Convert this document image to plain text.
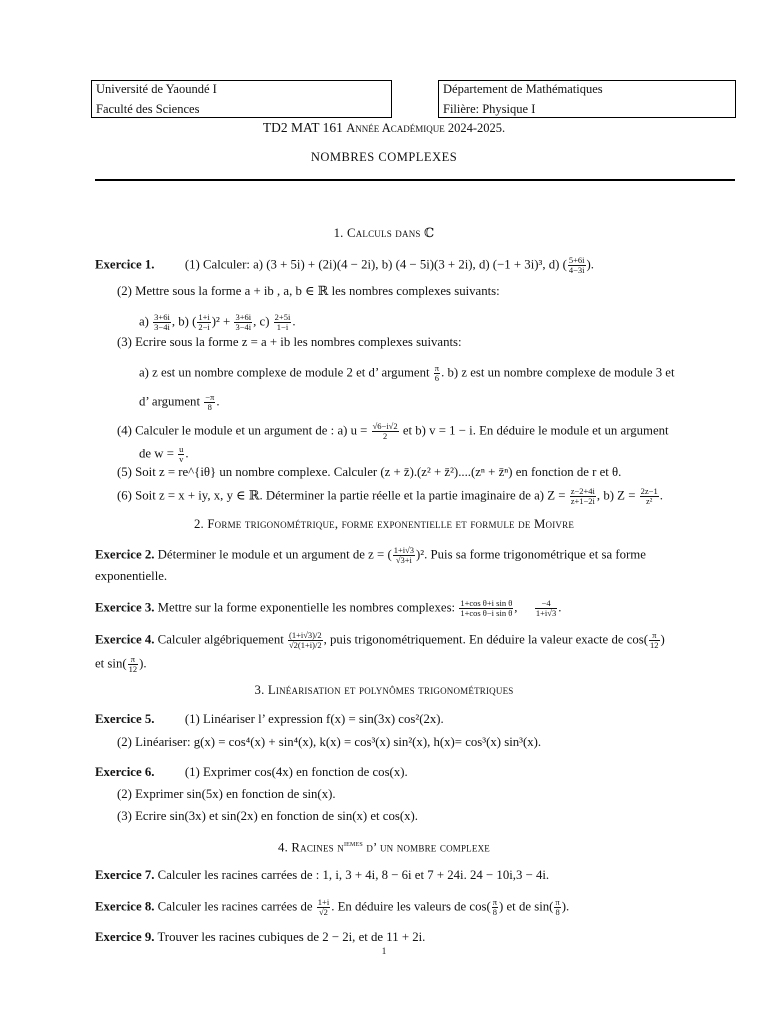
Université de Yaoundé I
Faculté des Sciences
Département de Mathématiques
Filière: Physique I
TD2 MAT 161 Année Académique 2024-2025.
NOMBRES COMPLEXES
1. Calculs dans ℂ
Exercice 1. (1) Calculer: a) (3 + 5i) + (2i)(4 − 2i), b) (4 − 5i)(3 + 2i), d) (−1 + 3i)³, d) ( $\frac{5+6i}{4-3i}$ ).
(2) Mettre sous la forme a + ib , a, b ∈ ℝ les nombres complexes suivants:
$a) \frac{3+6i}{3-4i}$ , b) ( $\frac{1+i}{2-i} )^2 + \frac{3+6i}{3-4i}$ , $c) \frac{2+5i}{1-i}$ .
(3) Ecrire sous la forme z = a + ib les nombres complexes suivants:
a) z est un nombre complexe de module 2 et d’ argument $\frac{\pi}{6}$ . b) z est un nombre complexe de module 3 et
d’ argument $\frac{-\pi}{8}$ .
(4) Calculer le module et un argument de : a) $u = \frac{√6-i√2}{2}$ et b) v = 1 − i. En déduire le module et un argument
de $w = \frac{u}{v}$ .
(5) Soit z = re^{iθ} un nombre complexe. Calculer (z + z̄).(z² + z̄²)....(zⁿ + z̄ⁿ) en fonction de r et θ.
(6) Soit z = x + iy, x, y ∈ ℝ. Déterminer la partie réelle et la partie imaginaire de a) $Z = \frac{z-2+4i}{z+1-2i}$ , b) $Z = \frac{2z-1}{\text{z²}}$ .
2. Forme trigonométrique, forme exponentielle et formule de Moivre
Exercice 2. Déterminer le module et un argument de z = ( $\frac{1+i√3}{√3+i} )^2$. Puis sa forme trigonométrique et sa forme
exponentielle.
Exercice 3. Mettre sur la forme exponentielle les nombres complexes: $\frac{\text{1+cos θ+i sin θ}}{\text{1+cos θ−i sin θ}}$ , $\frac{-4}{1+i√3}$ .
Exercice 4. Calculer algébriquement $\frac{(1+i√3)/2}{√2(1+i)/2}$ , puis trigonométriquement. En déduire la valeur exacte de $\cos( \frac{\pi}{12}$ )
et $\sin( \frac{\pi}{12}$ ).
3. Linéarisation et polynômes trigonométriques
Exercice 5. (1) Linéariser l’ expression f(x) = sin(3x) cos²(2x).
(2) Linéariser: g(x) = cos⁴(x) + sin⁴(x), k(x) = cos³(x) sin²(x), h(x)= cos³(x) sin³(x).
Exercice 6. (1) Exprimer cos(4x) en fonction de cos(x).
(2) Exprimer sin(5x) en fonction de sin(x).
(3) Ecrire sin(3x) et sin(2x) en fonction de sin(x) et cos(x).
4. Racines $n^{iemes}$ d’ un nombre complexe
Exercice 7. Calculer les racines carrées de : 1, i, 3 + 4i, 8 − 6i et 7 + 24i. 24 − 10i,3 − 4i.
Exercice 8. Calculer les racines carrées de $\frac{1+i}{√2}$ . En déduire les valeurs de $\cos( \frac{\pi}{8}$ ) et de $\sin( \frac{\pi}{8}$ ).
Exercice 9. Trouver les racines cubiques de 2 − 2i, et de 11 + 2i.
1
